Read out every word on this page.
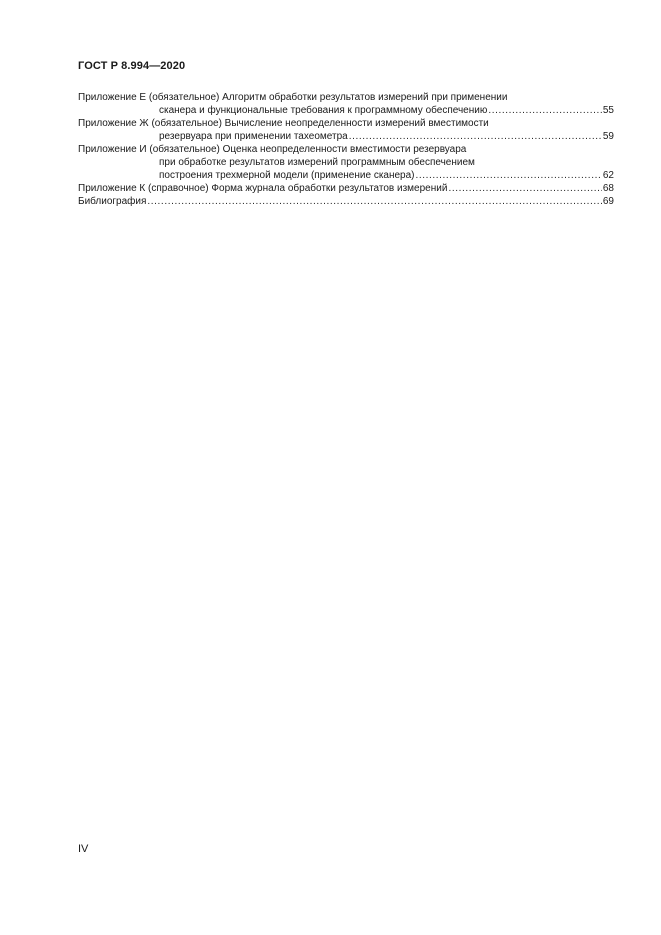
ГОСТ Р 8.994—2020
Приложение Е (обязательное) Алгоритм обработки результатов измерений при применении
сканера и функциональные требования к программному обеспечению .....	55
Приложение Ж (обязательное) Вычисление неопределенности измерений вместимости
резервуара при применении тахеометра .....	59
Приложение И (обязательное) Оценка неопределенности вместимости резервуара
при обработке результатов измерений программным обеспечением
построения трехмерной модели (применение сканера) .....	62
Приложение К (справочное) Форма журнала обработки результатов измерений .....	68
Библиография .....	69
IV
